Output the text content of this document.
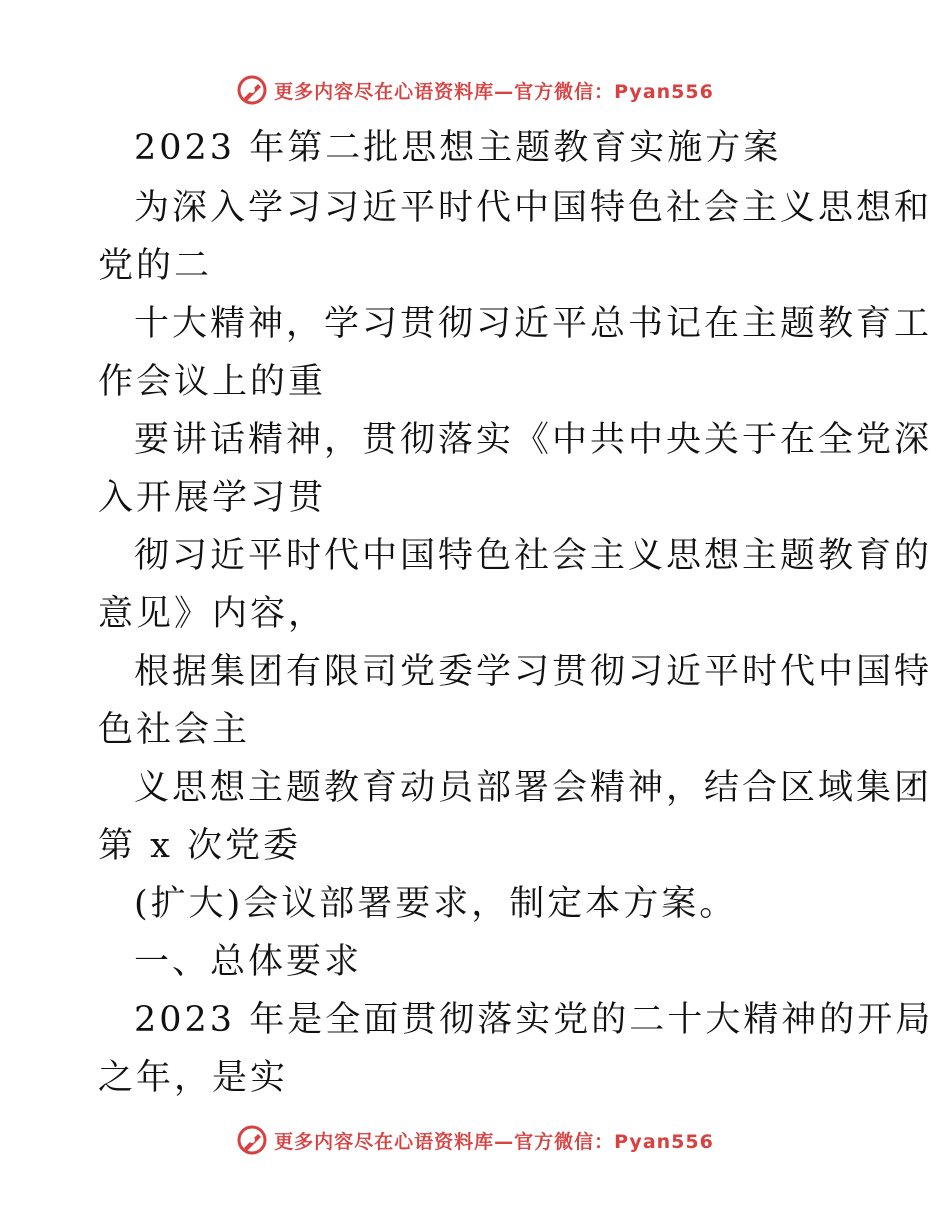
更多内容尽在心语资料库—官方微信：Pyan556
2023 年第二批思想主题教育实施方案
为深入学习习近平时代中国特色社会主义思想和
党的二
十大精神，学习贯彻习近平总书记在主题教育工
作会议上的重
要讲话精神，贯彻落实《中共中央关于在全党深
入开展学习贯
彻习近平时代中国特色社会主义思想主题教育的
意见》内容，
根据集团有限司党委学习贯彻习近平时代中国特
色社会主
义思想主题教育动员部署会精神，结合区域集团
第 x 次党委
(扩大)会议部署要求，制定本方案。
一、总体要求
2023 年是全面贯彻落实党的二十大精神的开局
之年，是实
更多内容尽在心语资料库—官方微信：Pyan556
